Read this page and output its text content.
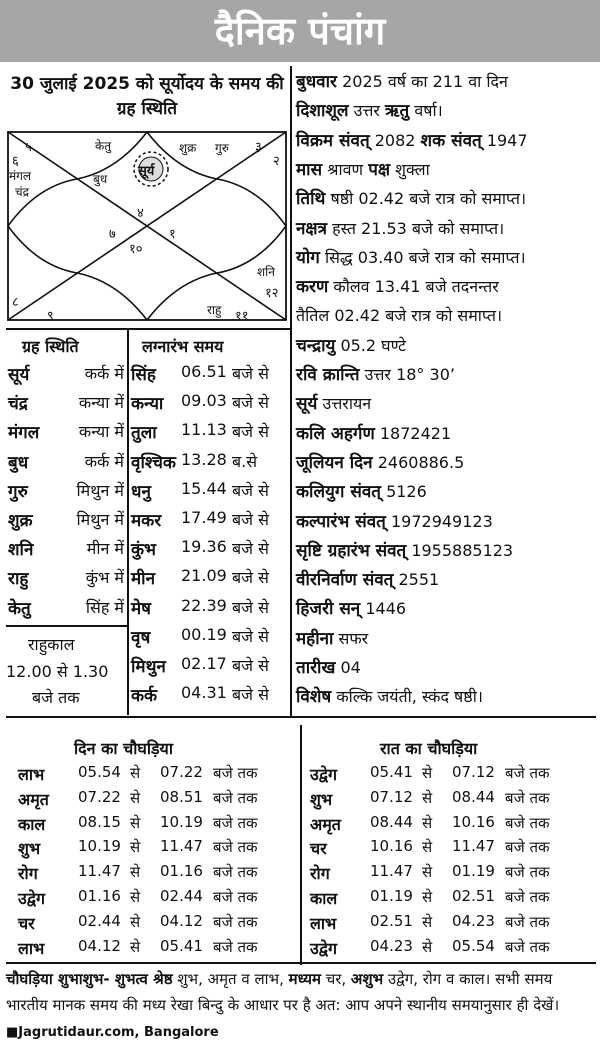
दैनिक पंचांग
30 जुलाई 2025 को सूर्योदय के समय की ग्रह स्थिति
५	३
६
४
२
७	१
१०
८
१२
९	११
केतु	शुक्र गुरु
मंगल
चंद्र
बुध सूर्य
शनि
राहु
ग्रह स्थिति
सूर्य	कर्क में
चंद्र	कन्या में
मंगल कन्या में
बुध	कर्क में
गुरु	मिथुन में
शुक्र	मिथुन में
शनि	मीन में
राहु	कुंभ में
केतु	सिंह में
राहुकाल
12.00 से 1.30
बजे तक
लग्नारंभ समय
सिंह 06.51 बजे से
कन्या 09.03 बजे से
तुला 11.13 बजे से
वृश्चिक 13.28 ब.से
धनु 15.44 बजे से
मकर 17.49 बजे से
कुंभ 19.36 बजे से
मीन 21.09 बजे से
मेष 22.39 बजे से
वृष 00.19 बजे से
मिथुन 02.17 बजे से
कर्क 04.31 बजे से
बुधवार 2025 वर्ष का 211 वा दिन
दिशाशूल उत्तर ऋतु वर्षा।
विक्रम संवत् 2082 शक संवत् 1947
मास श्रावण पक्ष शुक्ला
तिथि षष्ठी 02.42 बजे रात्र को समाप्त।
नक्षत्र हस्त 21.53 बजे को समाप्त।
योग सिद्ध 03.40 बजे रात्र को समाप्त।
करण कौलव 13.41 बजे तदनन्तर
तैतिल 02.42 बजे रात्र को समाप्त।
चन्द्रायु 05.2 घण्टे
रवि क्रान्ति उत्तर 18° 30’
सूर्य उत्तरायन
कलि अहर्गण 1872421
जूलियन दिन 2460886.5
कलियुग संवत् 5126
कल्पारंभ संवत् 1972949123
सृष्टि ग्रहारंभ संवत् 1955885123
वीरनिर्वाण संवत् 2551
हिजरी सन् 1446
महीना सफर
तारीख 04
विशेष कल्कि जयंती, स्कंद षष्ठी।
दिन का चौघड़िया	रात का चौघड़िया
लाभ 05.54 से 07.22 बजे तक
अमृत 07.22 से 08.51 बजे तक
काल 08.15 से 10.19 बजे तक
शुभ	10.19 से 11.47 बजे तक
रोग	11.47 से 01.16 बजे तक
उद्वेग 01.16 से 02.44 बजे तक
चर	02.44 से 04.12 बजे तक
लाभ 04.12 से 05.41 बजे तक
उद्वेग 05.41 से 07.12 बजे तक
शुभ	07.12 से 08.44 बजे तक
अमृत 08.44 से 10.16 बजे तक
चर	10.16 से 11.47 बजे तक
रोग	11.47 से 01.19 बजे तक
काल 01.19 से 02.51 बजे तक
लाभ 02.51 से 04.23 बजे तक
उद्वेग 04.23 से 05.54 बजे तक
चौघड़िया शुभाशुभ- शुभत्व श्रेष्ठ शुभ, अमृत व लाभ, मध्यम चर, अशुभ उद्वेग, रोग व काल। सभी समय भारतीय मानक समय की मध्य रेखा बिन्दु के आधार पर है अत: आप अपने स्थानीय समयानुसार ही देखें। ■Jagrutidaur.com, Bangalore
